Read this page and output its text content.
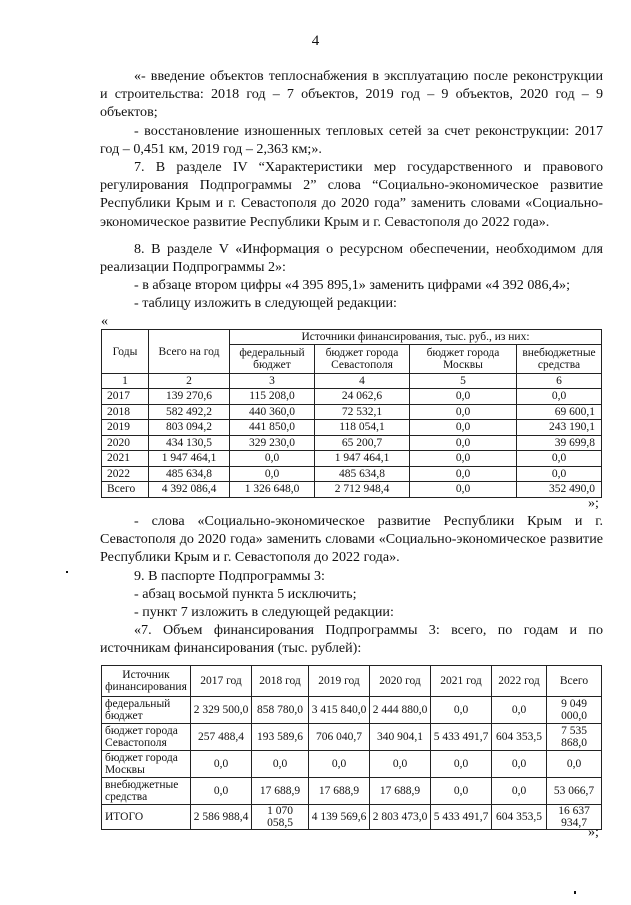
4
«- введение объектов теплоснабжения в эксплуатацию после реконструкции и строительства: 2018 год – 7 объектов, 2019 год – 9 объектов, 2020 год – 9 объектов;
- восстановление изношенных тепловых сетей за счет реконструкции: 2017 год – 0,451 км, 2019 год – 2,363 км;».
7. В разделе IV “Характеристики мер государственного и правового регулирования Подпрограммы 2” слова “Социально-экономическое развитие Республики Крым и г. Севастополя до 2020 года” заменить словами «Социально-экономическое развитие Республики Крым и г. Севастополя до 2022 года».
8. В разделе V «Информация о ресурсном обеспечении, необходимом для реализации Подпрограммы 2»:
- в абзаце втором цифры «4 395 895,1» заменить цифрами «4 392 086,4»;
- таблицу изложить в следующей редакции:
«
Годы	Всего на год	Источники финансирования, тыс. руб., из них:			
		федеральный бюджет	бюджет города Севастополя	бюджет города Москвы	внебюджетные средства
1	2	3	4	5	6
2017	139 270,6	115 208,0	24 062,6	0,0	0,0
2018	582 492,2	440 360,0	72 532,1	0,0	69 600,1
2019	803 094,2	441 850,0	118 054,1	0,0	243 190,1
2020	434 130,5	329 230,0	65 200,7	0,0	39 699,8
2021	1 947 464,1	0,0	1 947 464,1	0,0	0,0
2022	485 634,8	0,0	485 634,8	0,0	0,0
Всего	4 392 086,4	1 326 648,0	2 712 948,4	0,0	352 490,0
»;
- слова «Социально-экономическое развитие Республики Крым и г. Севастополя до 2020 года» заменить словами «Социально-экономическое развитие Республики Крым и г. Севастополя до 2022 года».
9. В паспорте Подпрограммы 3:
- абзац восьмой пункта 5 исключить;
- пункт 7 изложить в следующей редакции:
«7. Объем финансирования Подпрограммы 3: всего, по годам и по источникам финансирования (тыс. рублей):
Источник финансирования	2017 год	2018 год	2019 год	2020 год	2021 год	2022 год	Всего
федеральный бюджет	2 329 500,0	858 780,0	3 415 840,0	2 444 880,0	0,0	0,0	9 049 000,0
бюджет города Севастополя	257 488,4	193 589,6	706 040,7	340 904,1	5 433 491,7	604 353,5	7 535 868,0
бюджет города Москвы	0,0	0,0	0,0	0,0	0,0	0,0	0,0
внебюджетные средства	0,0	17 688,9	17 688,9	17 688,9	0,0	0,0	53 066,7
ИТОГО	2 586 988,4	1 070 058,5	4 139 569,6	2 803 473,0	5 433 491,7	604 353,5	16 637 934,7
»;
